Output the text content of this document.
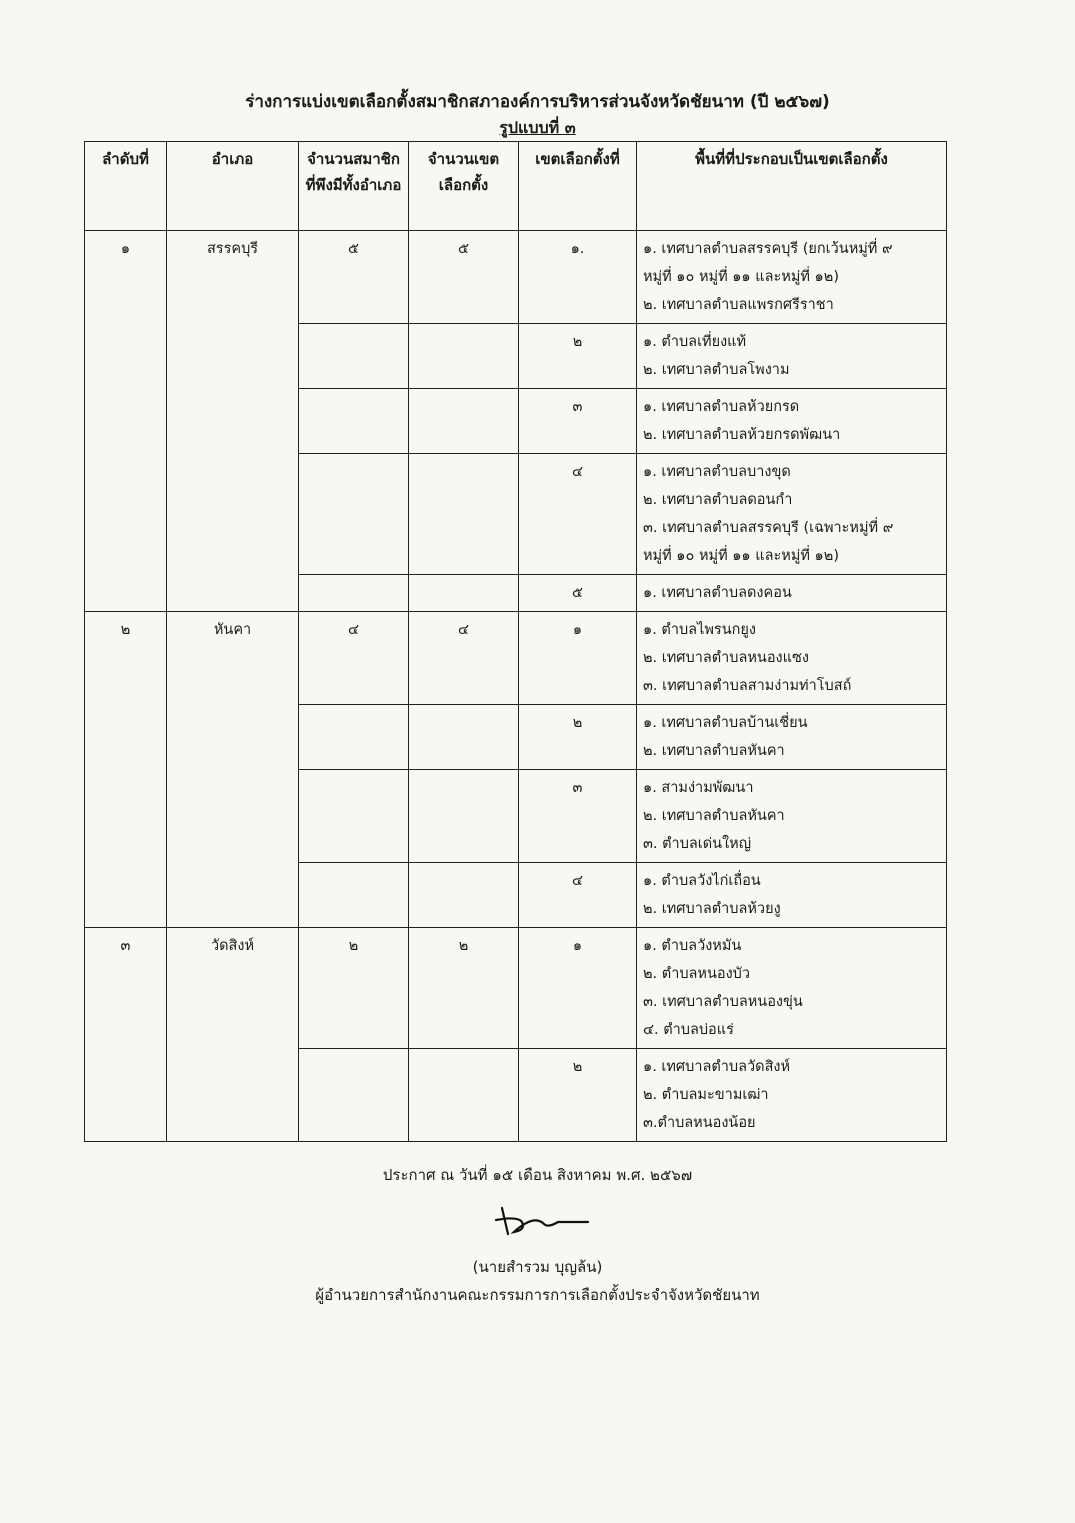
ร่างการแบ่งเขตเลือกตั้งสมาชิกสภาองค์การบริหารส่วนจังหวัดชัยนาท (ปี ๒๕๖๗)
รูปแบบที่ ๓
ลำดับที่	อำเภอ	จำนวนสมาชิกที่พึงมีทั้งอำเภอ	จำนวนเขตเลือกตั้ง	เขตเลือกตั้งที่	พื้นที่ที่ประกอบเป็นเขตเลือกตั้ง
๑	สรรคบุรี	๕	๕	๑.	๑. เทศบาลตำบลสรรคบุรี (ยกเว้นหมู่ที่ ๙
หมู่ที่ ๑๐ หมู่ที่ ๑๑ และหมู่ที่ ๑๒)
๒. เทศบาลตำบลแพรกศรีราชา

				๒	๑. ตำบลเที่ยงแท้
๒. เทศบาลตำบลโพงาม

				๓	๑. เทศบาลตำบลห้วยกรด
๒. เทศบาลตำบลห้วยกรดพัฒนา

				๔	๑. เทศบาลตำบลบางขุด
๒. เทศบาลตำบลดอนกำ
๓. เทศบาลตำบลสรรคบุรี (เฉพาะหมู่ที่ ๙
หมู่ที่ ๑๐ หมู่ที่ ๑๑ และหมู่ที่ ๑๒)

				๕	๑. เทศบาลตำบลดงคอน

๒	หันคา	๔	๔	๑	๑. ตำบลไพรนกยูง
๒. เทศบาลตำบลหนองแซง
๓. เทศบาลตำบลสามง่ามท่าโบสถ์

				๒	๑. เทศบาลตำบลบ้านเชี่ยน
๒. เทศบาลตำบลหันคา

				๓	๑. สามง่ามพัฒนา
๒. เทศบาลตำบลหันคา
๓. ตำบลเด่นใหญ่

				๔	๑. ตำบลวังไก่เถื่อน
๒. เทศบาลตำบลห้วยงู

๓	วัดสิงห์	๒	๒	๑	๑. ตำบลวังหมัน
๒. ตำบลหนองบัว
๓. เทศบาลตำบลหนองขุ่น
๔. ตำบลบ่อแร่

				๒	๑. เทศบาลตำบลวัดสิงห์
๒. ตำบลมะขามเฒ่า
๓.ตำบลหนองน้อย
ประกาศ ณ วันที่ ๑๕ เดือน สิงหาคม พ.ศ. ๒๕๖๗
(นายสำรวม บุญล้น)
ผู้อำนวยการสำนักงานคณะกรรมการการเลือกตั้งประจำจังหวัดชัยนาท
